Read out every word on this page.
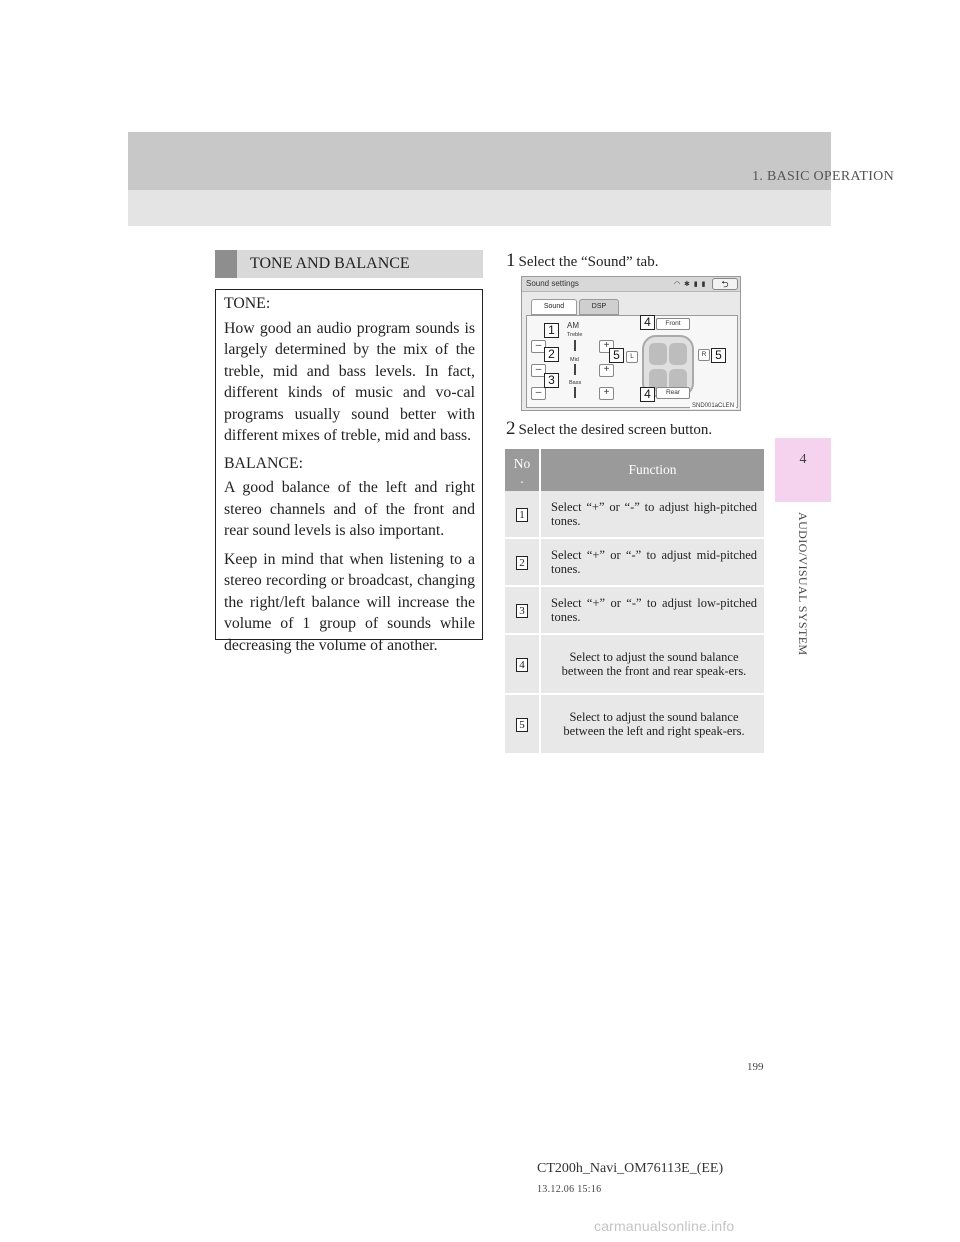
1. BASIC OPERATION
4
AUDIO/VISUAL SYSTEM
TONE AND BALANCE

TONE:

How good an audio program sounds is largely determined by the mix of the treble, mid and bass levels. In fact, different kinds of music and vo-cal programs usually sound better with different mixes of treble, mid and bass.

BALANCE:

A good balance of the left and right stereo channels and of the front and rear sound levels is also important.

Keep in mind that when listening to a stereo recording or broadcast, changing the right/left balance will increase the volume of 1 group of sounds while decreasing the volume of another.

1 Select the “Sound” tab.
2 Select the desired screen button.
Sound settings	◠ ✱ ▮ ▮	⮌
Sound	DSP
AM
Treble
Mid
Bass
–
–
–
+
+
+
Front
Rear
L	R
SND001aCLEN
1
2
3
4
4
5	5
No
.	Function
1	Select “+” or “-” to adjust high-pitched tones.
2	Select “+” or “-” to adjust mid-pitched tones.
3	Select “+” or “-” to adjust low-pitched tones.
4	Select to adjust the sound balance between the front and rear speak-ers.
5	Select to adjust the sound balance between the left and right speak-ers.
199
CT200h_Navi_OM76113E_(EE)
13.12.06 15:16
carmanualsonline.info
